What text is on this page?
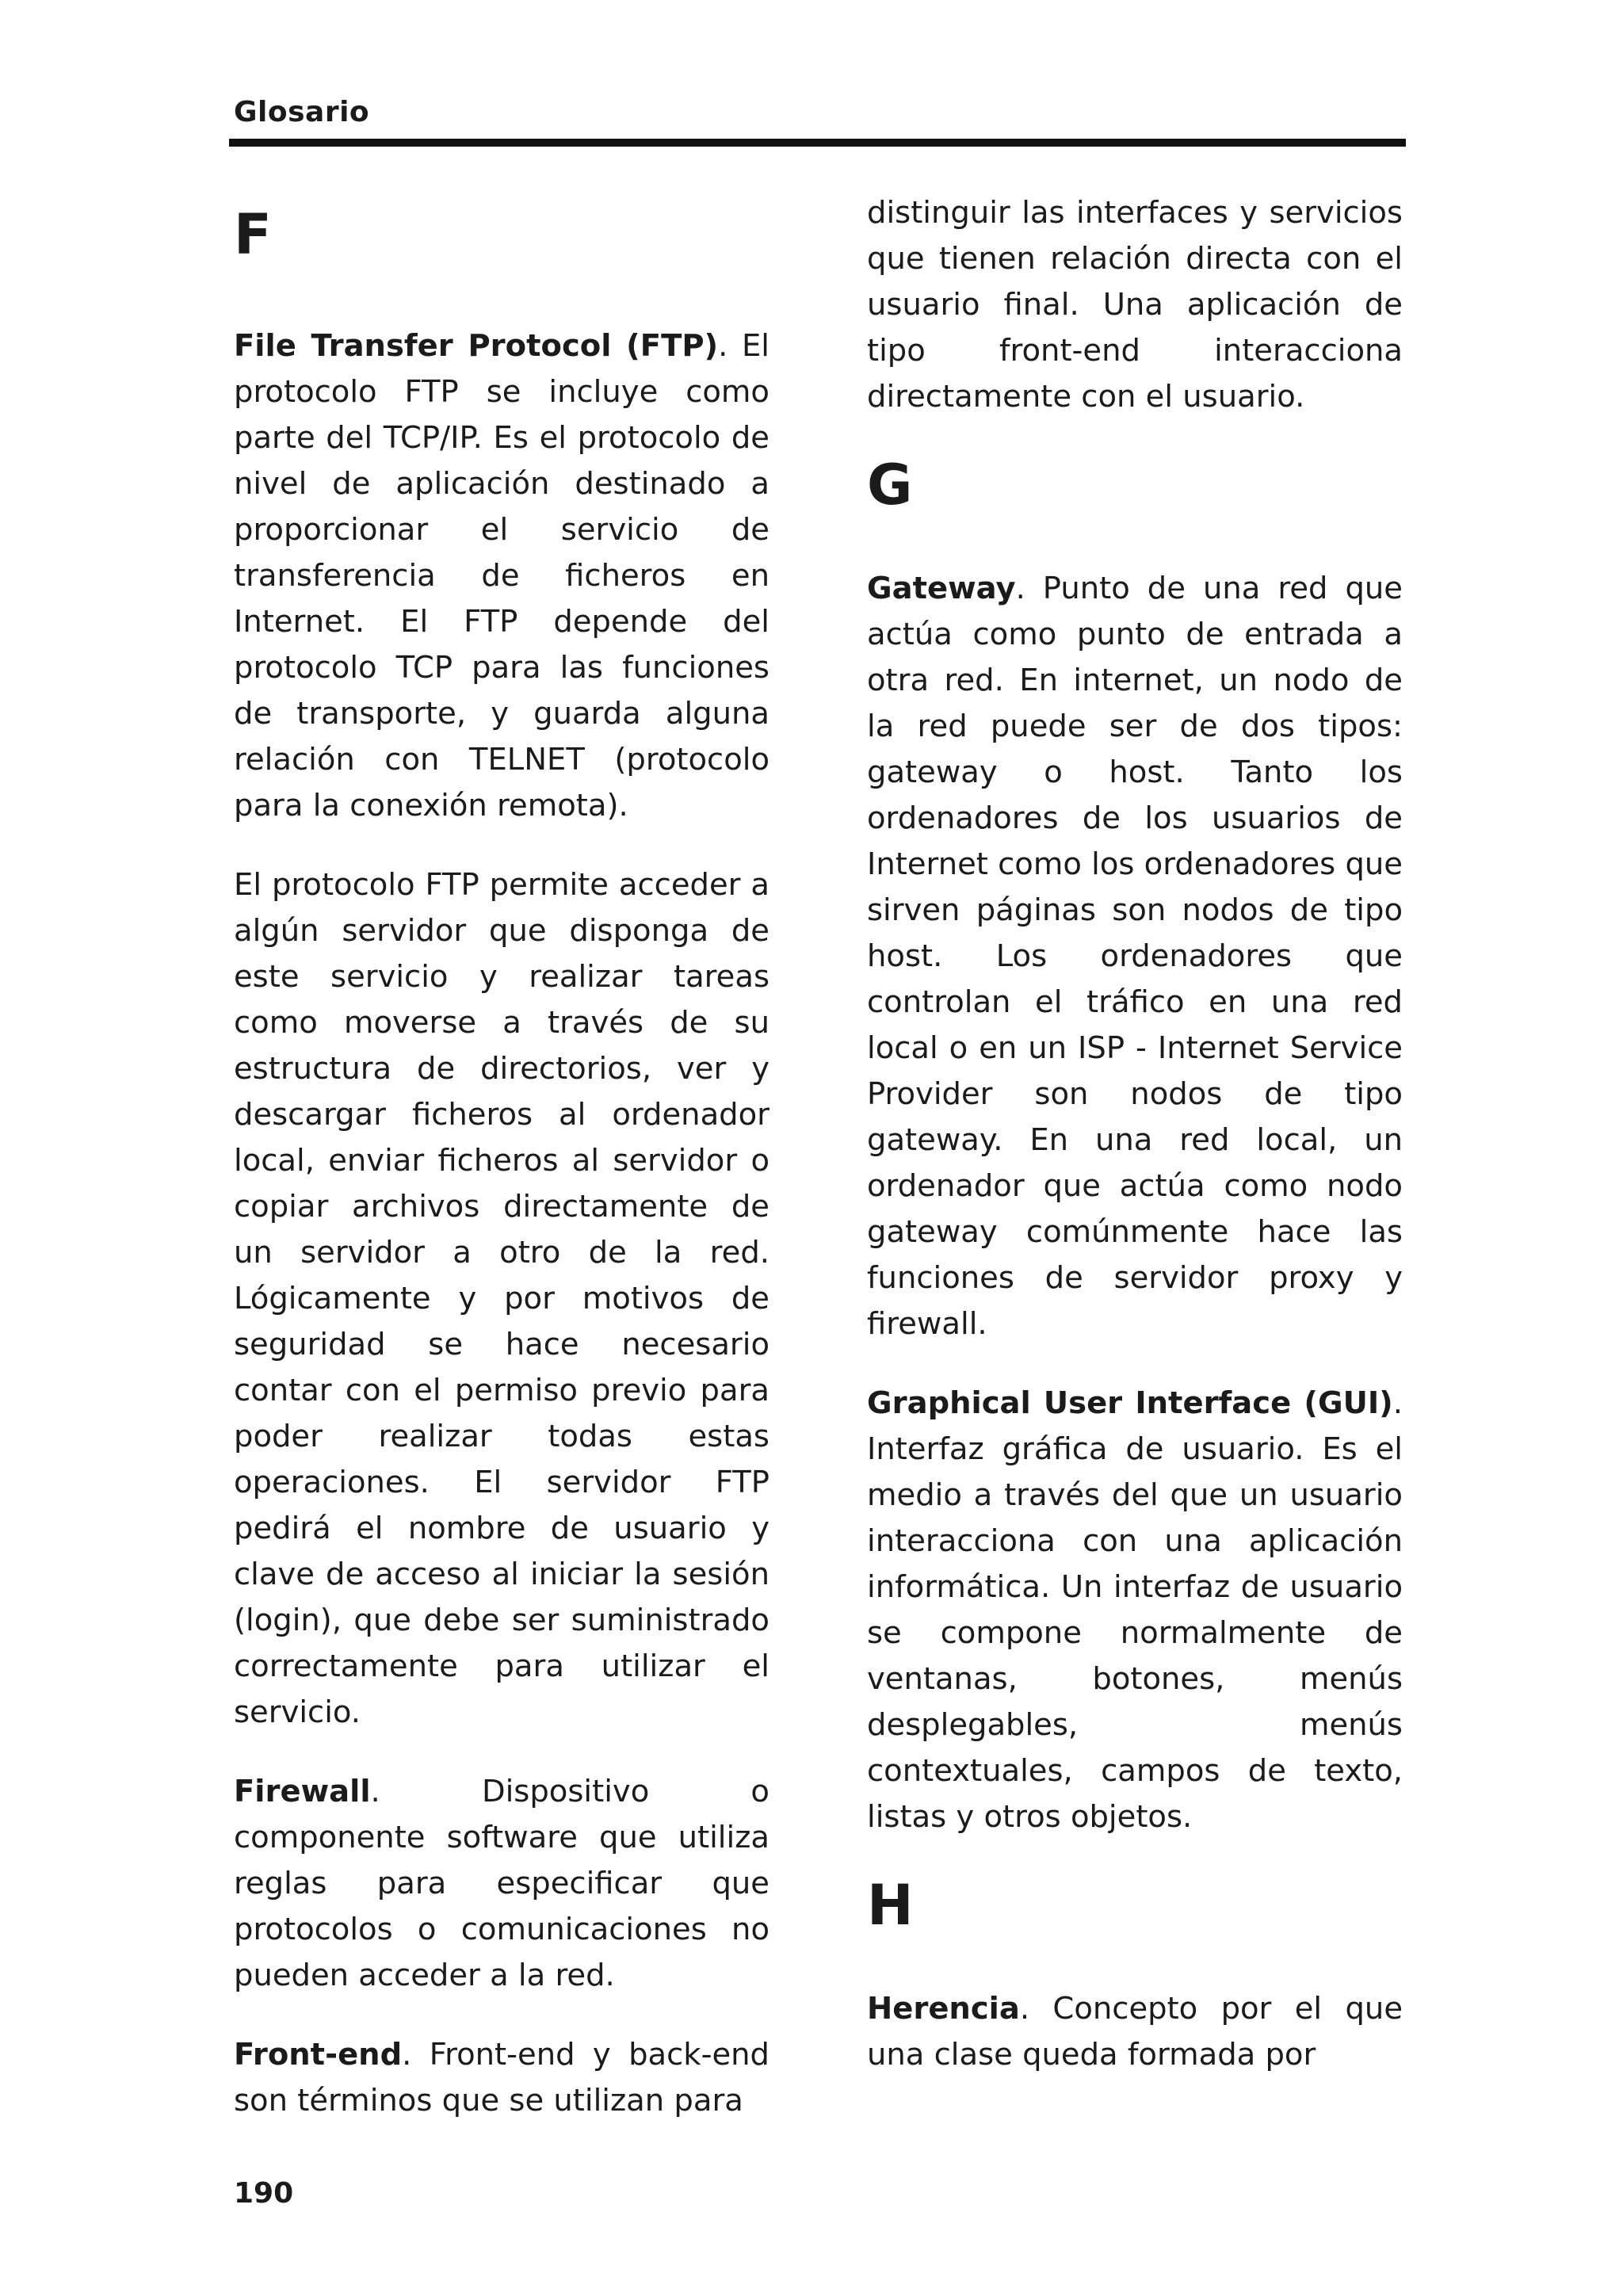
Glosario
F

File Transfer Protocol (FTP). El protocolo FTP se incluye como parte del TCP/IP. Es el protocolo de nivel de aplicación destinado a proporcionar el servicio de transferencia de ficheros en Internet. El FTP depende del protocolo TCP para las funciones de transporte, y guarda alguna relación con TELNET (protocolo para la conexión remota).

El protocolo FTP permite acceder a algún servidor que disponga de este servicio y realizar tareas como moverse a través de su estructura de directorios, ver y descargar ficheros al ordenador local, enviar ficheros al servidor o copiar archivos directamente de un servidor a otro de la red. Lógicamente y por motivos de seguridad se hace necesario contar con el permiso previo para poder realizar todas estas operaciones. El servidor FTP pedirá el nombre de usuario y clave de acceso al iniciar la sesión (login), que debe ser suministrado correctamente para utilizar el servicio.

Firewall. Dispositivo o componente software que utiliza reglas para especificar que protocolos o comunicaciones no pueden acceder a la red.

Front-end. Front-end y back-end son términos que se utilizan para

distinguir las interfaces y servicios que tienen relación directa con el usuario final. Una aplicación de tipo front-end interacciona directamente con el usuario.

G

Gateway. Punto de una red que actúa como punto de entrada a otra red. En internet, un nodo de la red puede ser de dos tipos: gateway o host. Tanto los ordenadores de los usuarios de Internet como los ordenadores que sirven páginas son nodos de tipo host. Los ordenadores que controlan el tráfico en una red local o en un ISP - Internet Service Provider son nodos de tipo gateway. En una red local, un ordenador que actúa como nodo gateway comúnmente hace las funciones de servidor proxy y firewall.

Graphical User Interface (GUI). Interfaz gráfica de usuario. Es el medio a través del que un usuario interacciona con una aplicación informática. Un interfaz de usuario se compone normalmente de ventanas, botones, menús desplegables, menús contextuales, campos de texto, listas y otros objetos.

H

Herencia. Concepto por el que una clase queda formada por

190
